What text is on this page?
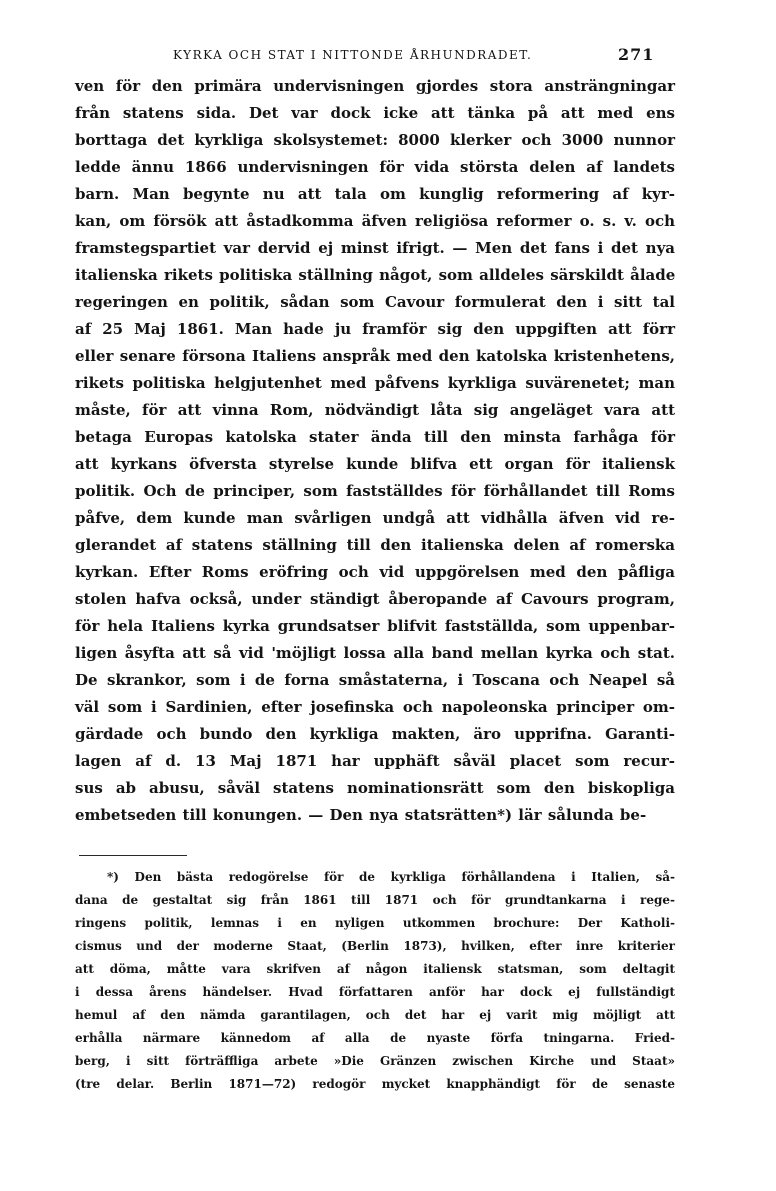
KYRKA OCH STAT I NITTONDE ÅRHUNDRADET.	271
ven för den primära undervisningen gjordes stora ansträngningar
från statens sida. Det var dock icke att tänka på att med ens
borttaga det kyrkliga skolsystemet: 8000 klerker och 3000 nunnor
ledde ännu 1866 undervisningen för vida största delen af landets
barn. Man begynte nu att tala om kunglig reformering af kyr-
kan, om försök att åstadkomma äfven religiösa reformer o. s. v. och
framstegspartiet var dervid ej minst ifrigt. — Men det fans i det nya
italienska rikets politiska ställning något, som alldeles särskildt ålade
regeringen en politik, sådan som Cavour formulerat den i sitt tal
af 25 Maj 1861. Man hade ju framför sig den uppgiften att förr
eller senare försona Italiens anspråk med den katolska kristenhetens,
rikets politiska helgjutenhet med påfvens kyrkliga suvärenetet; man
måste, för att vinna Rom, nödvändigt låta sig angeläget vara att
betaga Europas katolska stater ända till den minsta farhåga för
att kyrkans öfversta styrelse kunde blifva ett organ för italiensk
politik. Och de principer, som fastställdes för förhållandet till Roms
påfve, dem kunde man svårligen undgå att vidhålla äfven vid re-
glerandet af statens ställning till den italienska delen af romerska
kyrkan. Efter Roms eröfring och vid uppgörelsen med den påfliga
stolen hafva också, under ständigt åberopande af Cavours program,
för hela Italiens kyrka grundsatser blifvit fastställda, som uppenbar-
ligen åsyfta att så vid 'möjligt lossa alla band mellan kyrka och stat.
De skrankor, som i de forna småstaterna, i Toscana och Neapel så
väl som i Sardinien, efter josefinska och napoleonska principer om-
gärdade och bundo den kyrkliga makten, äro upprifna. Garanti-
lagen af d. 13 Maj 1871 har upphäft såväl placet som recur-
sus ab abusu, såväl statens nominationsrätt som den biskopliga
embetseden till konungen. — Den nya statsrätten*) lär sålunda be-
*) Den bästa redogörelse för de kyrkliga förhållandena i Italien, så-
dana de gestaltat sig från 1861 till 1871 och för grundtankarna i rege-
ringens politik, lemnas i en nyligen utkommen brochure: Der Katholi-
cismus und der moderne Staat, (Berlin 1873), hvilken, efter inre kriterier
att döma, måtte vara skrifven af någon italiensk statsman, som deltagit
i dessa årens händelser. Hvad författaren anför har dock ej fullständigt
hemul af den nämda garantilagen, och det har ej varit mig möjligt att
erhålla närmare kännedom af alla de nyaste förfa tningarna. Fried-
berg, i sitt förträffliga arbete »Die Gränzen zwischen Kirche und Staat»
(tre delar. Berlin 1871—72) redogör mycket knapphändigt för de senaste
